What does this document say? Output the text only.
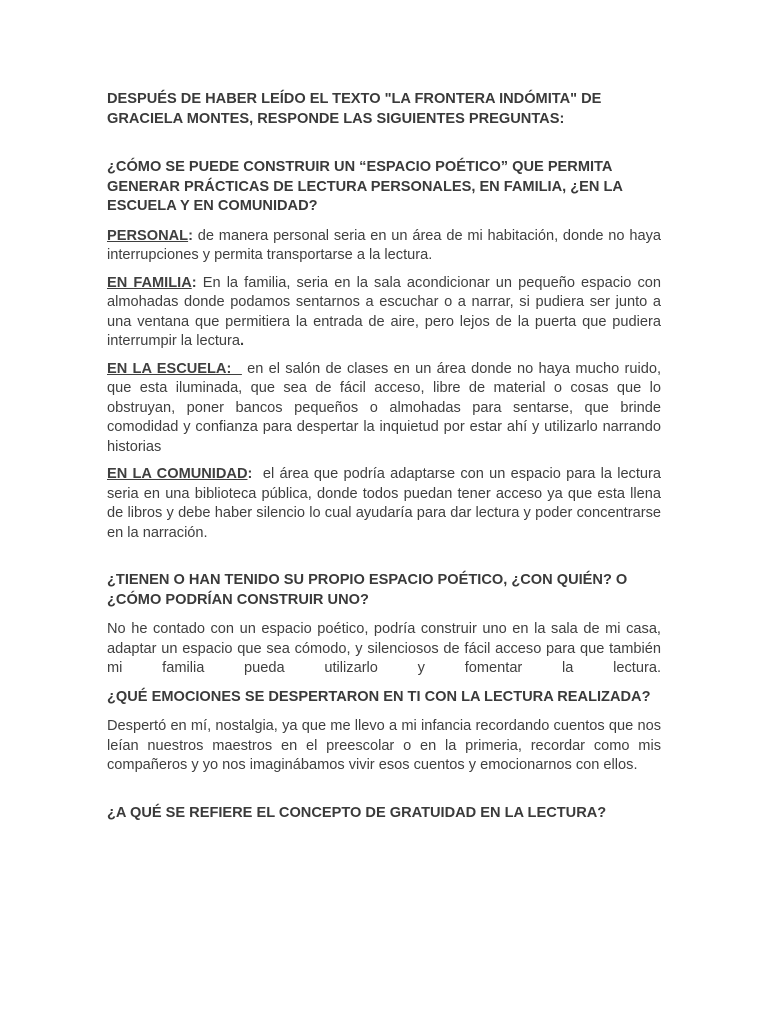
DESPUÉS DE HABER LEÍDO EL TEXTO "LA FRONTERA INDÓMITA" DE GRACIELA MONTES, RESPONDE LAS SIGUIENTES PREGUNTAS:

¿CÓMO SE PUEDE CONSTRUIR UN “ESPACIO POÉTICO” QUE PERMITA GENERAR PRÁCTICAS DE LECTURA PERSONALES, EN FAMILIA, ¿EN LA ESCUELA Y EN COMUNIDAD?

PERSONAL: de manera personal seria en un área de mi habitación, donde no haya interrupciones y permita transportarse a la lectura.

EN FAMILIA: En la familia, seria en la sala acondicionar un pequeño espacio con almohadas donde podamos sentarnos a escuchar o a narrar, si pudiera ser junto a una ventana que permitiera la entrada de aire, pero lejos de la puerta que pudiera interrumpir la lectura.

EN LA ESCUELA:   en el salón de clases en un área donde no haya mucho ruido, que esta iluminada, que sea de fácil acceso, libre de material o cosas que lo obstruyan, poner bancos pequeños o almohadas para sentarse, que brinde comodidad y confianza para despertar la inquietud por estar ahí y utilizarlo narrando historias

EN LA COMUNIDAD:  el área que podría adaptarse con un espacio para la lectura seria en una biblioteca pública, donde todos puedan tener acceso ya que esta llena de libros y debe haber silencio lo cual ayudaría para dar lectura y poder concentrarse en la narración.

¿TIENEN O HAN TENIDO SU PROPIO ESPACIO POÉTICO, ¿CON QUIÉN? O ¿CÓMO PODRÍAN CONSTRUIR UNO?

No he contado con un espacio poético, podría construir uno en la sala de mi casa, adaptar un espacio que sea cómodo, y silenciosos de fácil acceso para que también mi familia pueda utilizarlo y fomentar la lectura.

¿QUÉ EMOCIONES SE DESPERTARON EN TI CON LA LECTURA REALIZADA?

Despertó en mí, nostalgia, ya que me llevo a mi infancia recordando cuentos que nos leían nuestros maestros en el preescolar o en la primeria, recordar como mis compañeros y yo nos imaginábamos vivir esos cuentos y emocionarnos con ellos.

¿A QUÉ SE REFIERE EL CONCEPTO DE GRATUIDAD EN LA LECTURA?
